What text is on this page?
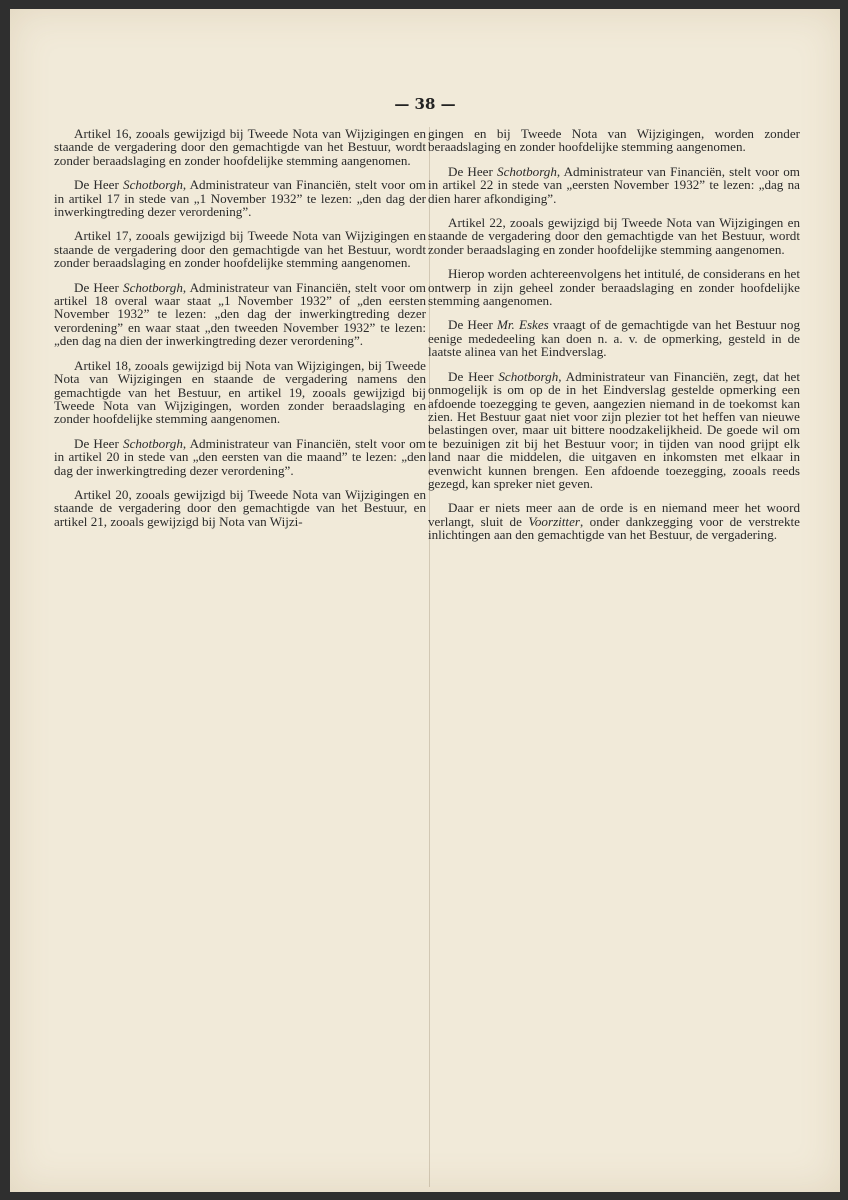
— 38 —

Artikel 16, zooals gewijzigd bij Tweede Nota van Wijzigingen en staande de vergadering door den gemachtigde van het Bestuur, wordt zonder beraadslaging en zonder hoofdelijke stemming aangenomen.

De Heer Schotborgh, Administrateur van Financiën, stelt voor om in artikel 17 in stede van „1 November 1932” te lezen: „den dag der inwerkingtreding dezer verordening”.

Artikel 17, zooals gewijzigd bij Tweede Nota van Wijzigingen en staande de vergadering door den gemachtigde van het Bestuur, wordt zonder beraadslaging en zonder hoofdelijke stemming aangenomen.

De Heer Schotborgh, Administrateur van Financiën, stelt voor om artikel 18 overal waar staat „1 November 1932” of „den eersten November 1932” te lezen: „den dag der inwerkingtreding dezer verordening” en waar staat „den tweeden November 1932” te lezen: „den dag na dien der inwerkingtreding dezer verordening”.

Artikel 18, zooals gewijzigd bij Nota van Wijzigingen, bij Tweede Nota van Wijzigingen en staande de vergadering namens den gemachtigde van het Bestuur, en artikel 19, zooals gewijzigd bij Tweede Nota van Wijzigingen, worden zonder beraadslaging en zonder hoofdelijke stemming aangenomen.

De Heer Schotborgh, Administrateur van Financiën, stelt voor om in artikel 20 in stede van „den eersten van die maand” te lezen: „den dag der inwerkingtreding dezer verordening”.

Artikel 20, zooals gewijzigd bij Tweede Nota van Wijzigingen en staande de vergadering door den gemachtigde van het Bestuur, en artikel 21, zooals gewijzigd bij Nota van Wijzi-

gingen en bij Tweede Nota van Wijzigingen, worden zonder beraadslaging en zonder hoofdelijke stemming aangenomen.

De Heer Schotborgh, Administrateur van Financiën, stelt voor om in artikel 22 in stede van „eersten November 1932” te lezen: „dag na dien harer afkondiging”.

Artikel 22, zooals gewijzigd bij Tweede Nota van Wijzigingen en staande de vergadering door den gemachtigde van het Bestuur, wordt zonder beraadslaging en zonder hoofdelijke stemming aangenomen.

Hierop worden achtereenvolgens het intitulé, de considerans en het ontwerp in zijn geheel zonder beraadslaging en zonder hoofdelijke stemming aangenomen.

De Heer Mr. Eskes vraagt of de gemachtigde van het Bestuur nog eenige mededeeling kan doen n. a. v. de opmerking, gesteld in de laatste alinea van het Eindverslag.

De Heer Schotborgh, Administrateur van Financiën, zegt, dat het onmogelijk is om op de in het Eindverslag gestelde opmerking een afdoende toezegging te geven, aangezien niemand in de toekomst kan zien. Het Bestuur gaat niet voor zijn plezier tot het heffen van nieuwe belastingen over, maar uit bittere noodzakelijkheid. De goede wil om te bezuinigen zit bij het Bestuur voor; in tijden van nood grijpt elk land naar die middelen, die uitgaven en inkomsten met elkaar in evenwicht kunnen brengen. Een afdoende toezegging, zooals reeds gezegd, kan spreker niet geven.

Daar er niets meer aan de orde is en niemand meer het woord verlangt, sluit de Voorzitter, onder dankzegging voor de verstrekte inlichtingen aan den gemachtigde van het Bestuur, de vergadering.
